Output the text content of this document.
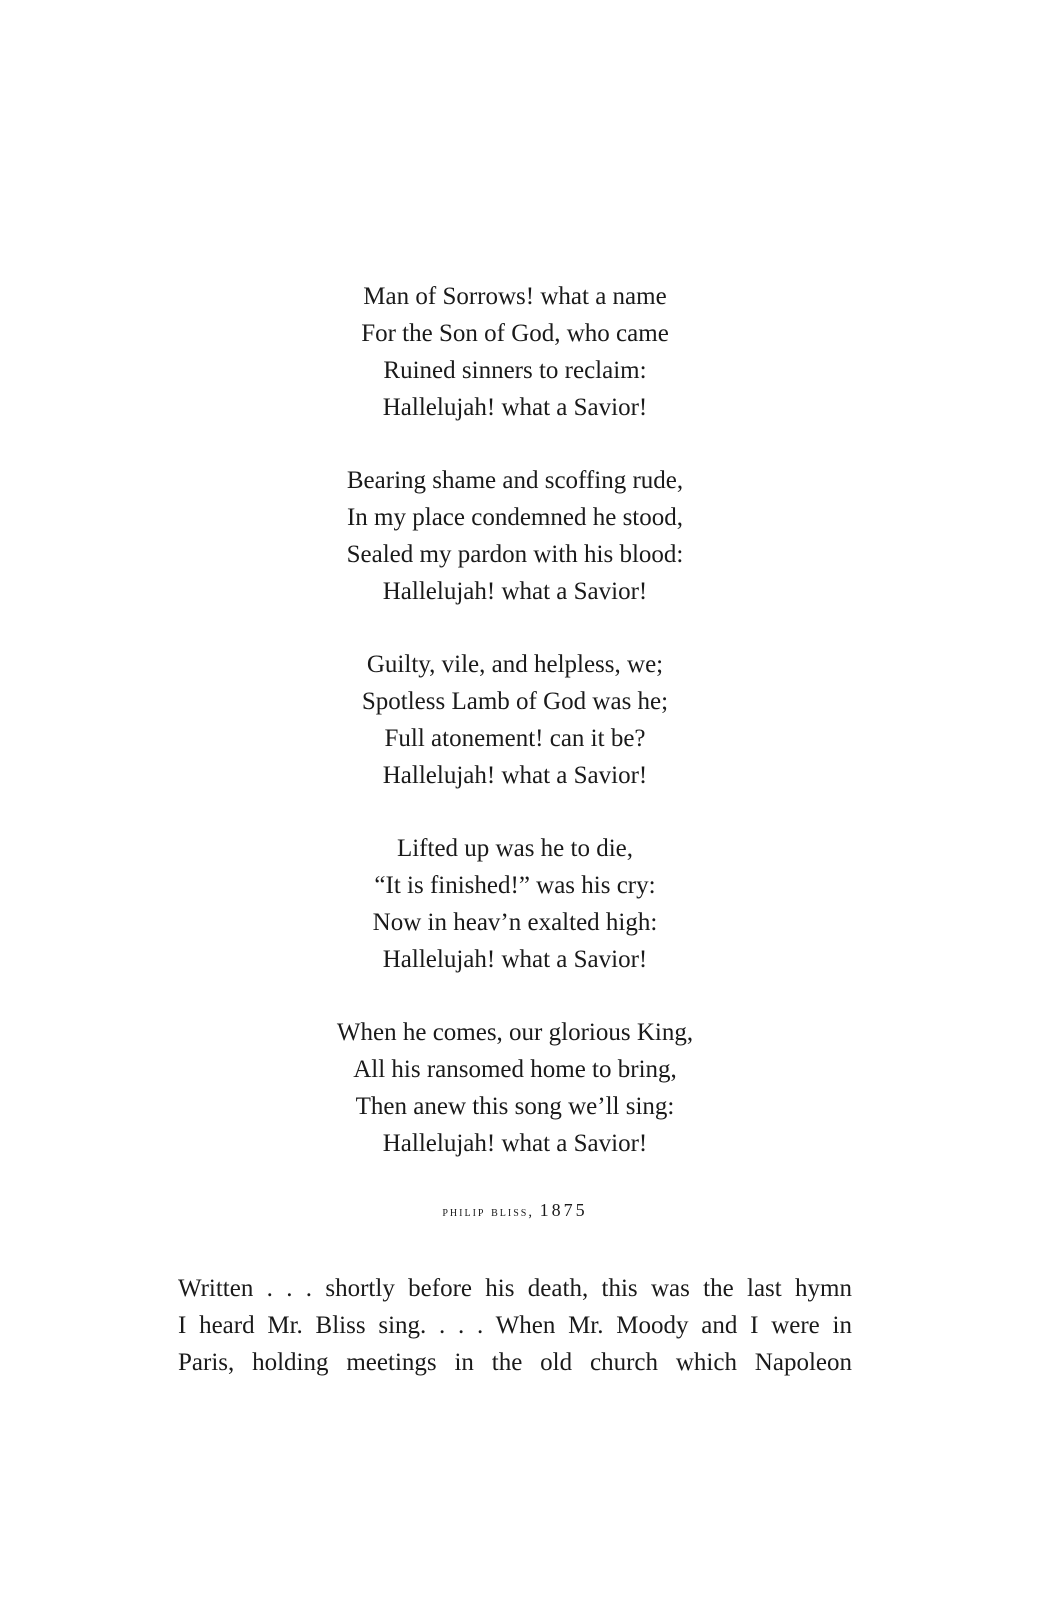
Man of Sorrows! what a name
For the Son of God, who came
Ruined sinners to reclaim:
Hallelujah! what a Savior!
Bearing shame and scoffing rude,
In my place condemned he stood,
Sealed my pardon with his blood:
Hallelujah! what a Savior!
Guilty, vile, and helpless, we;
Spotless Lamb of God was he;
Full atonement! can it be?
Hallelujah! what a Savior!
Lifted up was he to die,
“It is finished!” was his cry:
Now in heav’n exalted high:
Hallelujah! what a Savior!
When he comes, our glorious King,
All his ransomed home to bring,
Then anew this song we’ll sing:
Hallelujah! what a Savior!
philip bliss, 1875
Written . . . shortly before his death, this was the last hymn
I heard Mr. Bliss sing. . . . When Mr. Moody and I were in
Paris, holding meetings in the old church which Napoleon
